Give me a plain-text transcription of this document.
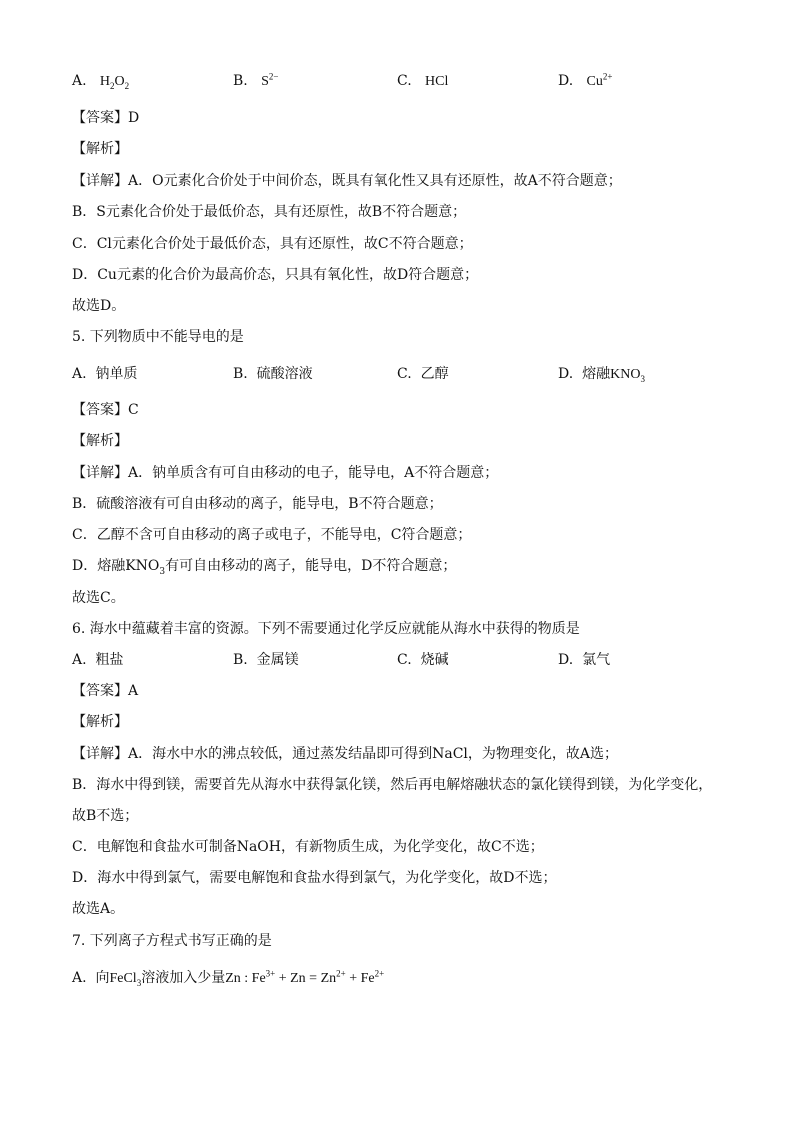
A. $H_2O_2$	B. $S^{2-}$	C. HCl	D. $Cu^{2+}$
【答案】D
【解析】
【详解】A．O元素化合价处于中间价态，既具有氧化性又具有还原性，故A不符合题意；
B．S元素化合价处于最低价态，具有还原性，故B不符合题意；
C．Cl元素化合价处于最低价态，具有还原性，故C不符合题意；
D．Cu元素的化合价为最高价态，只具有氧化性，故D符合题意；
故选D。
5. 下列物质中不能导电的是
A. 钠单质	B. 硫酸溶液	C. 乙醇	D. 熔融$KNO_3$
【答案】C
【解析】
【详解】A．钠单质含有可自由移动的电子，能导电，A不符合题意；
B．硫酸溶液有可自由移动的离子，能导电，B不符合题意；
C．乙醇不含可自由移动的离子或电子，不能导电，C符合题意；
D．熔融$KNO_3$有可自由移动的离子，能导电，D不符合题意；
故选C。
6. 海水中蕴藏着丰富的资源。下列不需要通过化学反应就能从海水中获得的物质是
A. 粗盐	B. 金属镁	C. 烧碱	D. 氯气
【答案】A
【解析】
【详解】A．海水中水的沸点较低，通过蒸发结晶即可得到NaCl，为物理变化，故A选；
B．海水中得到镁，需要首先从海水中获得氯化镁，然后再电解熔融状态的氯化镁得到镁，为化学变化，
故B不选；
C．电解饱和食盐水可制备NaOH，有新物质生成，为化学变化，故C不选；
D．海水中得到氯气，需要电解饱和食盐水得到氯气，为化学变化，故D不选；
故选A。
7. 下列离子方程式书写正确的是
A. 向FeCl$_3$溶液加入少量Zn : $Fe^{3+} + Zn = Zn^{2+} + Fe^{2+}$
